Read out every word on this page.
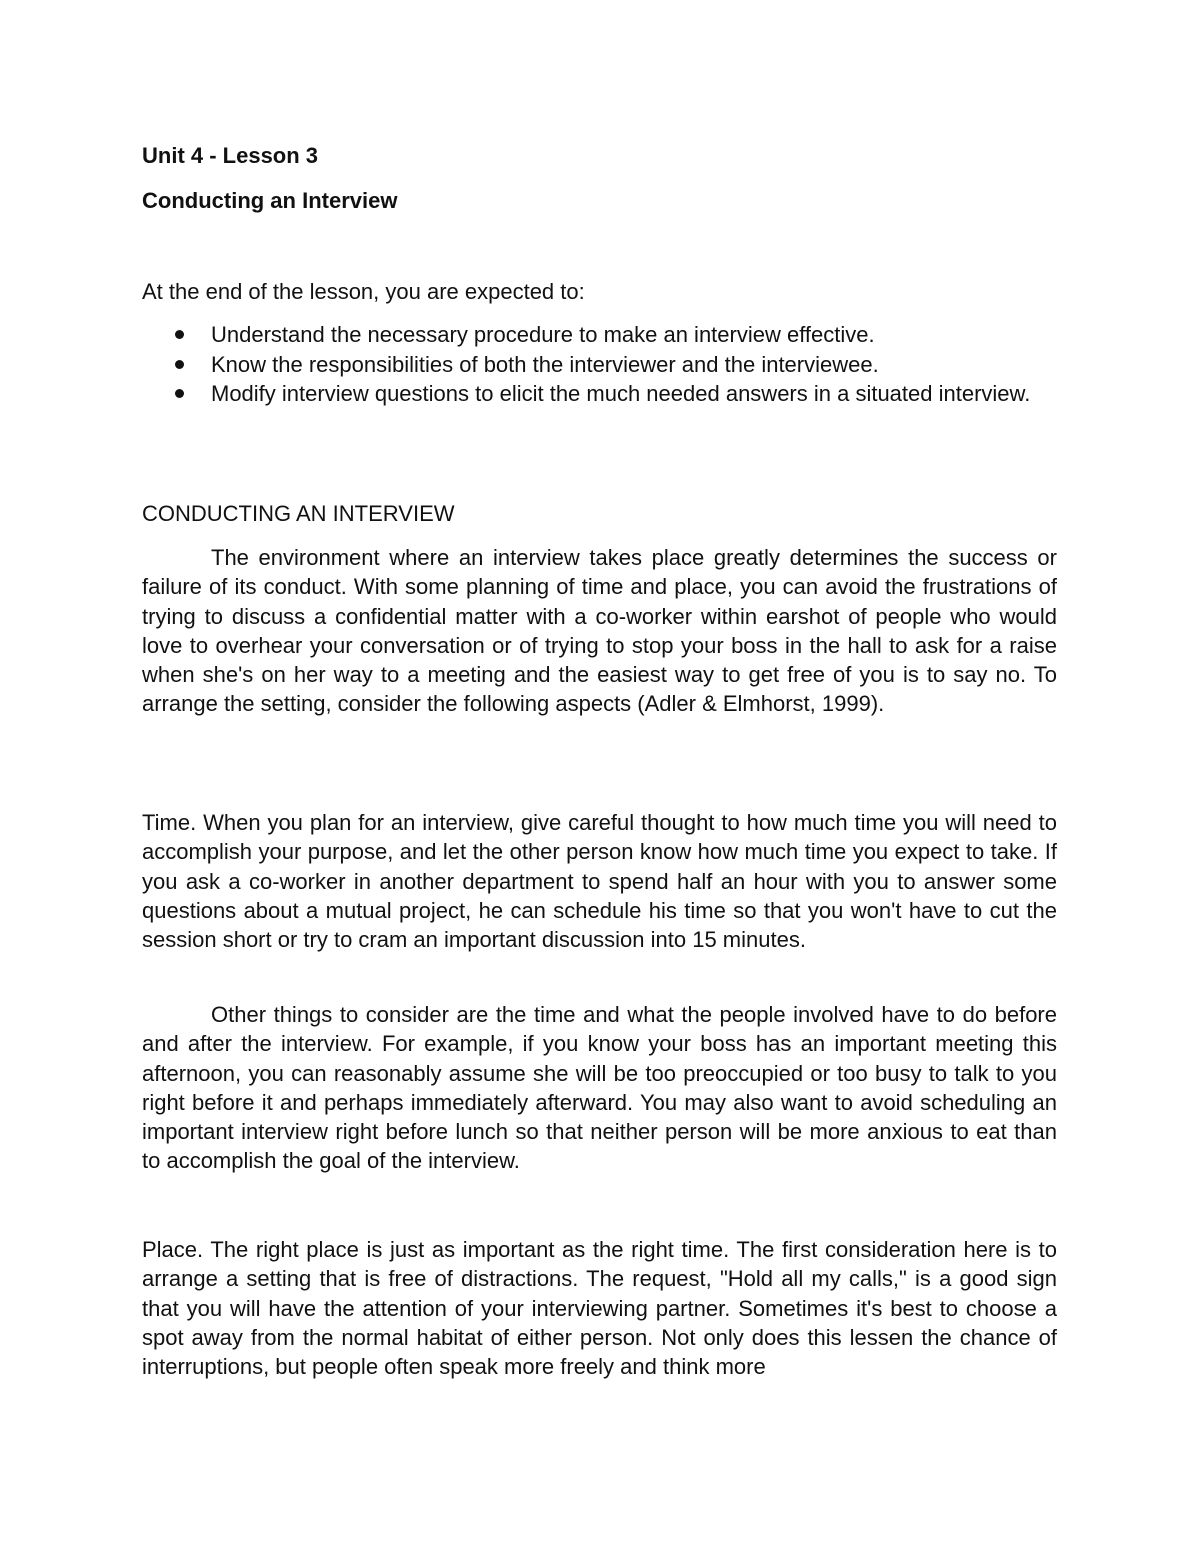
Unit 4 - Lesson 3
Conducting an Interview
At the end of the lesson, you are expected to:
Understand the necessary procedure to make an interview effective.
Know the responsibilities of both the interviewer and the interviewee.
Modify interview questions to elicit the much needed answers in a situated interview.
CONDUCTING AN INTERVIEW

The environment where an interview takes place greatly determines the success or failure of its conduct. With some planning of time and place, you can avoid the frustrations of trying to discuss a confidential matter with a co-worker within earshot of people who would love to overhear your conversation or of trying to stop your boss in the hall to ask for a raise when she's on her way to a meeting and the easiest way to get free of you is to say no. To arrange the setting, consider the following aspects (Adler & Elmhorst, 1999).

Time. When you plan for an interview, give careful thought to how much time you will need to accomplish your purpose, and let the other person know how much time you expect to take. If you ask a co-worker in another department to spend half an hour with you to answer some questions about a mutual project, he can schedule his time so that you won't have to cut the session short or try to cram an important discussion into 15 minutes.

Other things to consider are the time and what the people involved have to do before and after the interview. For example, if you know your boss has an important meeting this afternoon, you can reasonably assume she will be too preoccupied or too busy to talk to you right before it and perhaps immediately afterward. You may also want to avoid scheduling an important interview right before lunch so that neither person will be more anxious to eat than to accomplish the goal of the interview.

Place. The right place is just as important as the right time. The first consideration here is to arrange a setting that is free of distractions. The request, "Hold all my calls," is a good sign that you will have the attention of your interviewing partner. Sometimes it's best to choose a spot away from the normal habitat of either person. Not only does this lessen the chance of interruptions, but people often speak more freely and think more
